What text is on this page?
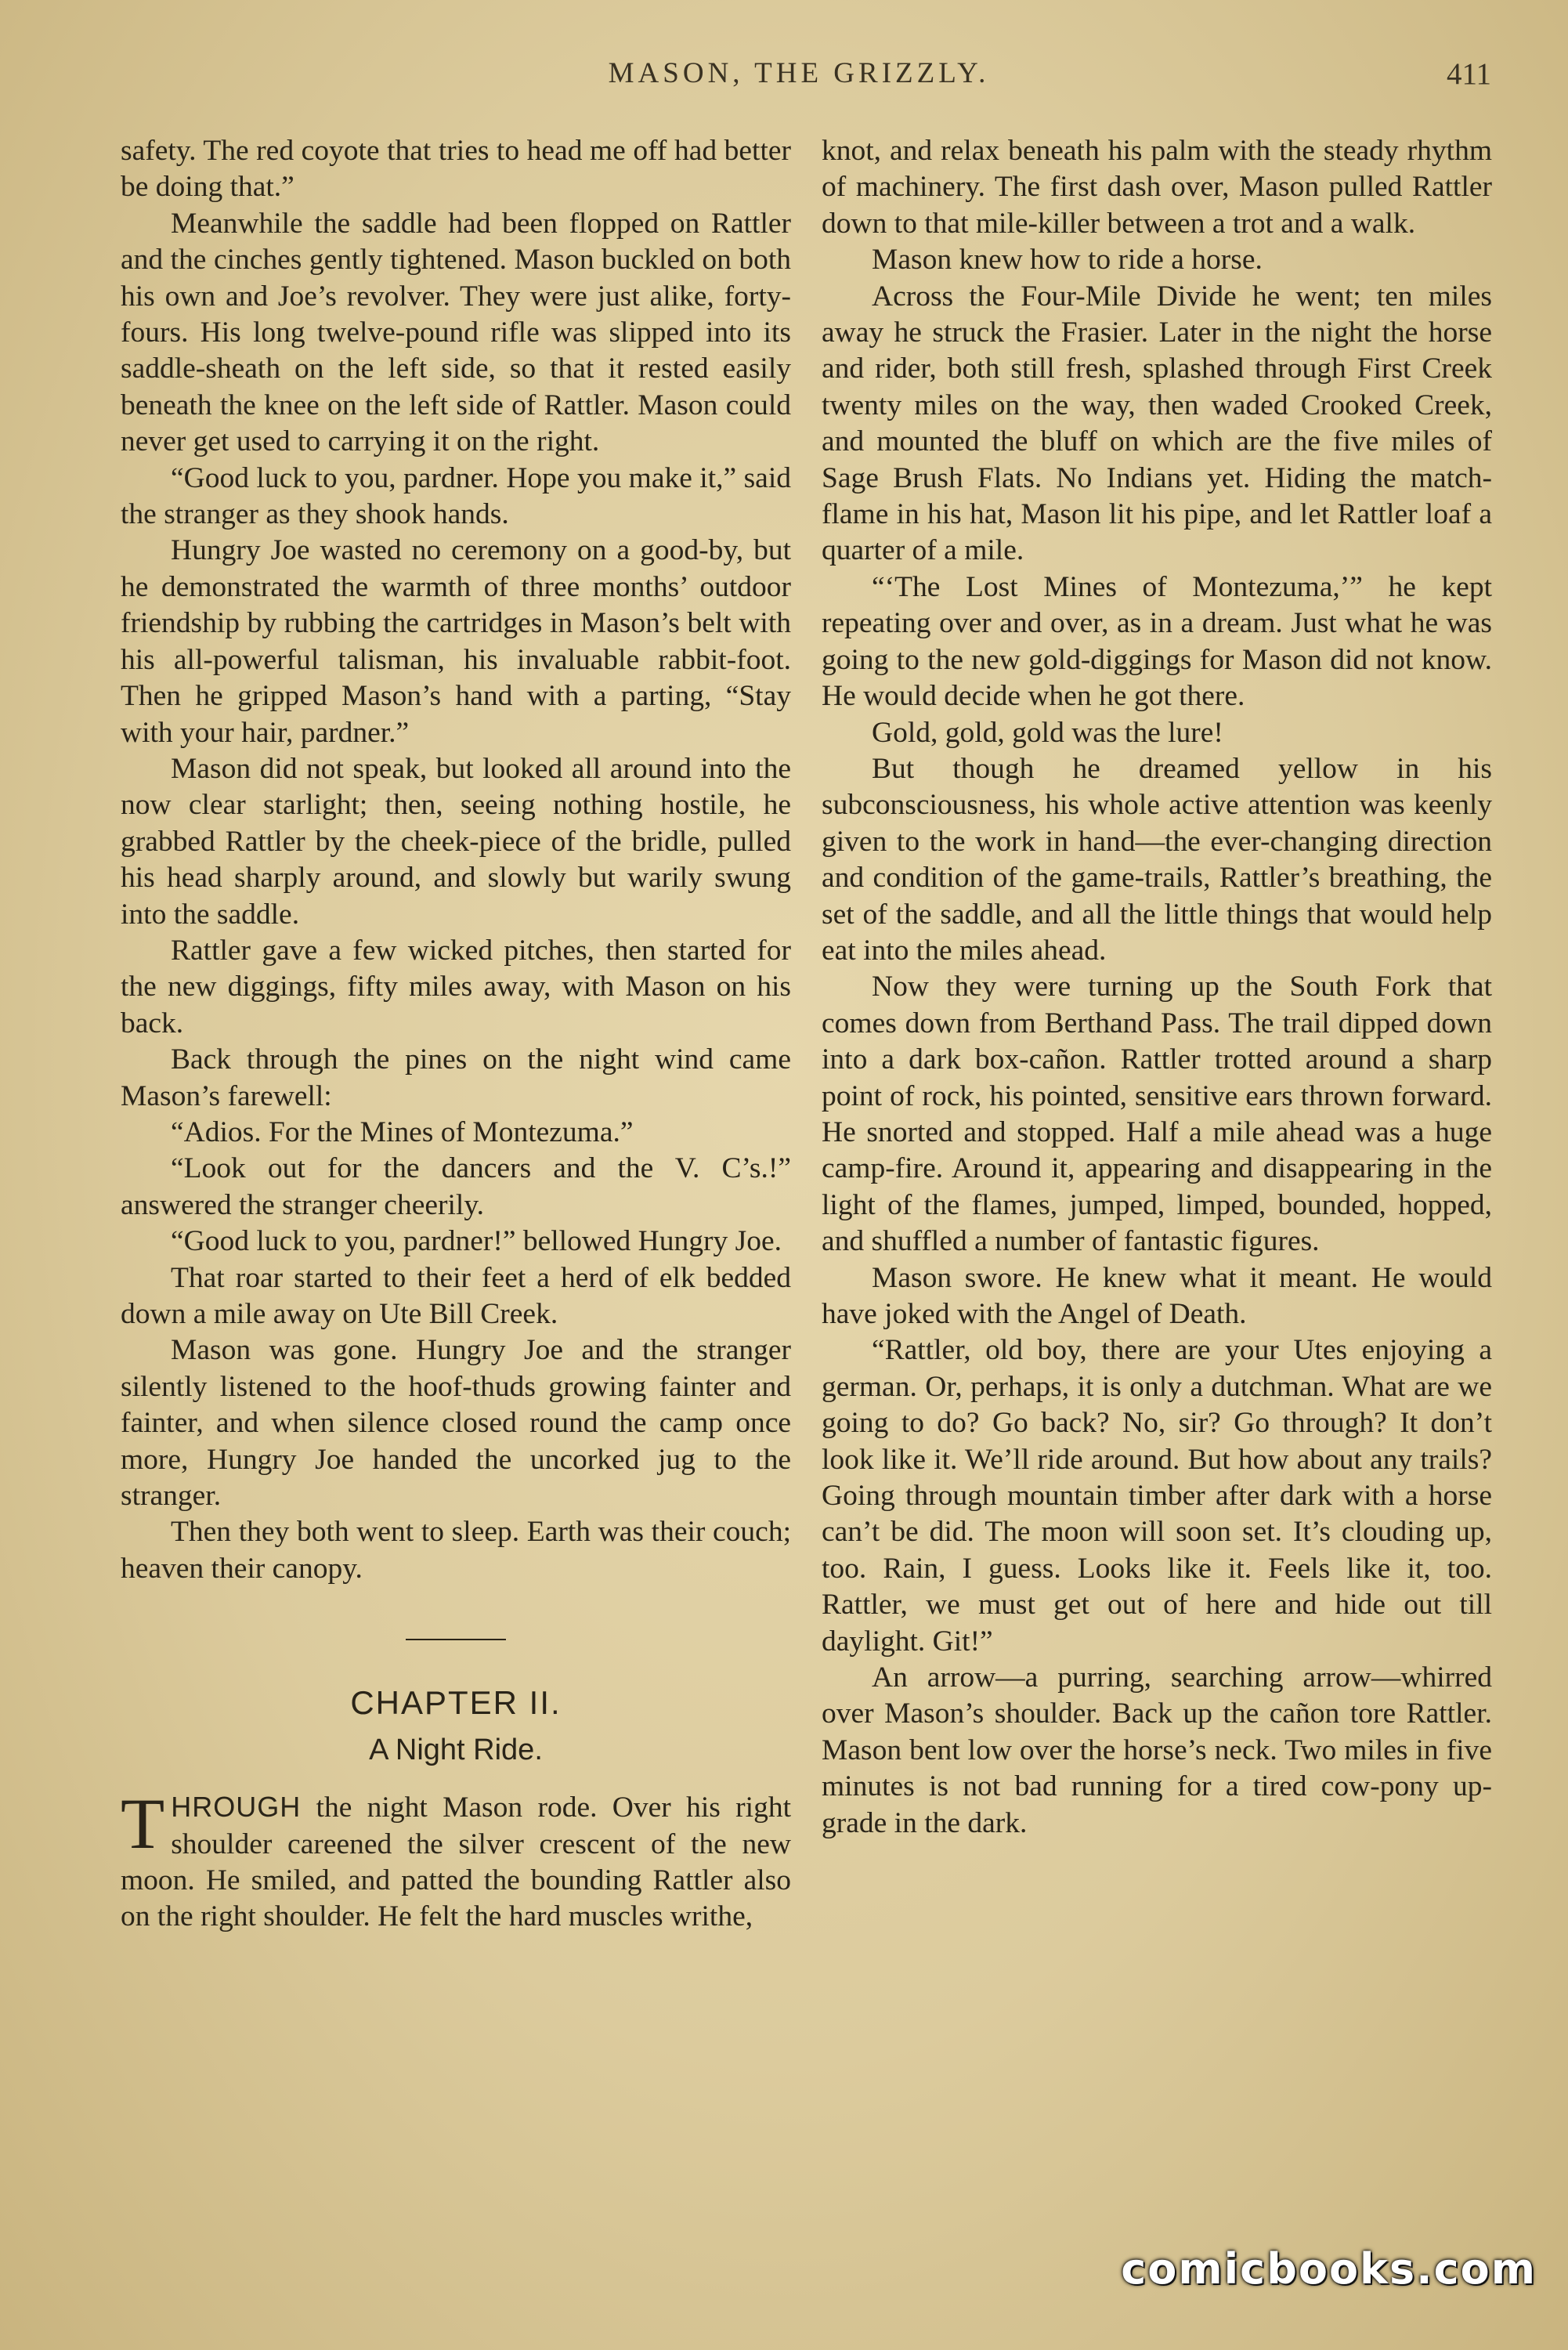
MASON, THE GRIZZLY.	411

safety. The red coyote that tries to head me off had better be doing that.”

Meanwhile the saddle had been flopped on Rattler and the cinches gently tightened. Mason buckled on both his own and Joe’s revolver. They were just alike, forty-fours. His long twelve-pound rifle was slipped into its saddle-sheath on the left side, so that it rested easily beneath the knee on the left side of Rattler. Mason could never get used to carrying it on the right.

“Good luck to you, pardner. Hope you make it,” said the stranger as they shook hands.

Hungry Joe wasted no ceremony on a good-by, but he demonstrated the warmth of three months’ outdoor friendship by rubbing the cartridges in Mason’s belt with his all-powerful talisman, his invaluable rabbit-foot. Then he gripped Mason’s hand with a parting, “Stay with your hair, pardner.”

Mason did not speak, but looked all around into the now clear starlight; then, seeing nothing hostile, he grabbed Rattler by the cheek-piece of the bridle, pulled his head sharply around, and slowly but warily swung into the saddle.

Rattler gave a few wicked pitches, then started for the new diggings, fifty miles away, with Mason on his back.

Back through the pines on the night wind came Mason’s farewell:

“Adios. For the Mines of Montezuma.”

“Look out for the dancers and the V. C’s.!” answered the stranger cheerily.

“Good luck to you, pardner!” bellowed Hungry Joe.

That roar started to their feet a herd of elk bedded down a mile away on Ute Bill Creek.

Mason was gone. Hungry Joe and the stranger silently listened to the hoof-thuds growing fainter and fainter, and when silence closed round the camp once more, Hungry Joe handed the uncorked jug to the stranger.

Then they both went to sleep. Earth was their couch; heaven their canopy.

CHAPTER II.
A Night Ride.

THROUGH the night Mason rode. Over his right shoulder careened the silver crescent of the new moon. He smiled, and patted the bounding Rattler also on the right shoulder. He felt the hard muscles writhe,

knot, and relax beneath his palm with the steady rhythm of machinery. The first dash over, Mason pulled Rattler down to that mile-killer between a trot and a walk.

Mason knew how to ride a horse.

Across the Four-Mile Divide he went; ten miles away he struck the Frasier. Later in the night the horse and rider, both still fresh, splashed through First Creek twenty miles on the way, then waded Crooked Creek, and mounted the bluff on which are the five miles of Sage Brush Flats. No Indians yet. Hiding the match-flame in his hat, Mason lit his pipe, and let Rattler loaf a quarter of a mile.

“‘The Lost Mines of Montezuma,’” he kept repeating over and over, as in a dream. Just what he was going to the new gold-diggings for Mason did not know. He would decide when he got there.

Gold, gold, gold was the lure!

But though he dreamed yellow in his subconsciousness, his whole active attention was keenly given to the work in hand—the ever-changing direction and condition of the game-trails, Rattler’s breathing, the set of the saddle, and all the little things that would help eat into the miles ahead.

Now they were turning up the South Fork that comes down from Berthand Pass. The trail dipped down into a dark box-cañon. Rattler trotted around a sharp point of rock, his pointed, sensitive ears thrown forward. He snorted and stopped. Half a mile ahead was a huge camp-fire. Around it, appearing and disappearing in the light of the flames, jumped, limped, bounded, hopped, and shuffled a number of fantastic figures.

Mason swore. He knew what it meant. He would have joked with the Angel of Death.

“Rattler, old boy, there are your Utes enjoying a german. Or, perhaps, it is only a dutchman. What are we going to do? Go back? No, sir? Go through? It don’t look like it. We’ll ride around. But how about any trails? Going through mountain timber after dark with a horse can’t be did. The moon will soon set. It’s clouding up, too. Rain, I guess. Looks like it. Feels like it, too. Rattler, we must get out of here and hide out till daylight. Git!”

An arrow—a purring, searching arrow—whirred over Mason’s shoulder. Back up the cañon tore Rattler. Mason bent low over the horse’s neck. Two miles in five minutes is not bad running for a tired cow-pony up-grade in the dark.

comicbooks.com
